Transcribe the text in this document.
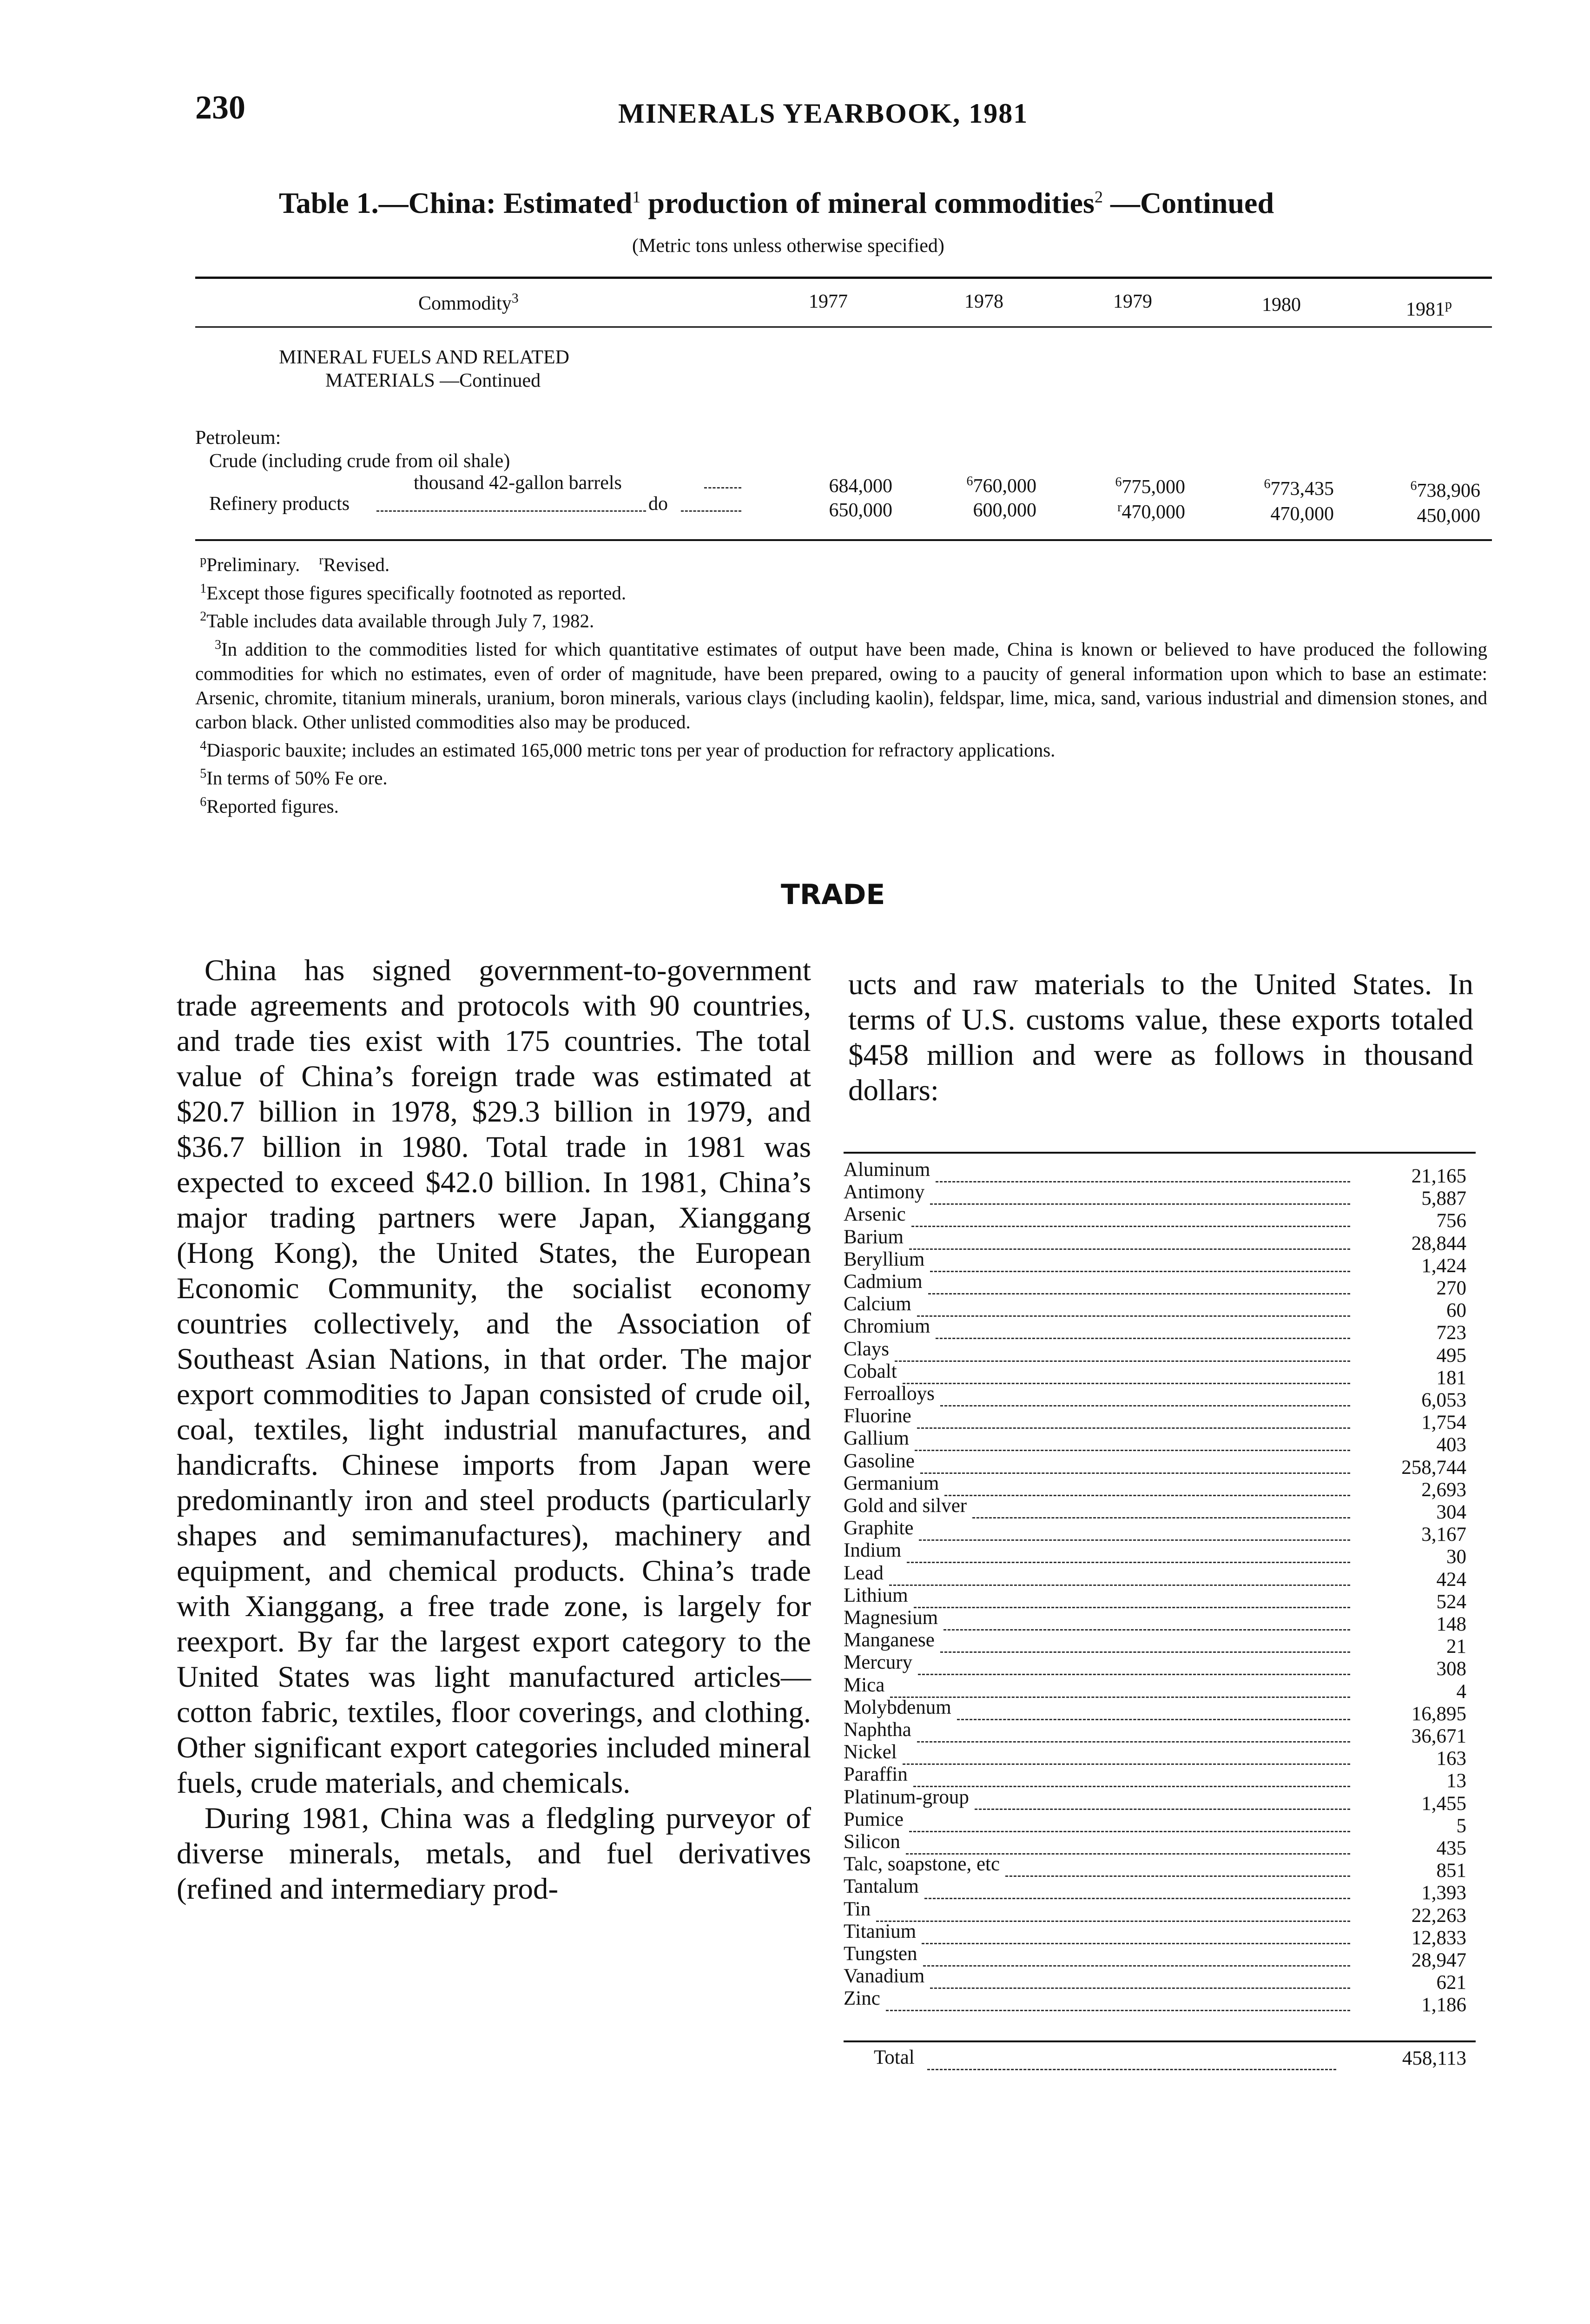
230	MINERALS YEARBOOK, 1981
Table 1.—China: Estimated$^1$ production of mineral commodities$^2$ —Continued
(Metric tons unless otherwise specified)
Commodity$^3$	1977	1978	1979	1980	1981$^p$
MINERAL FUELS AND RELATED
MATERIALS —Continued
Petroleum:
Crude (including crude from oil shale)
thousand 42-gallon barrels	684,000	$^6$760,000	$^6$775,000	$^6$773,435	$^6$738,906
Refinery products	do	650,000	600,000	$^r$470,000	470,000	450,000

$^p$Preliminary. $^r$Revised.

$^1$Except those figures specifically footnoted as reported.

$^2$Table includes data available through July 7, 1982.

$^3$In addition to the commodities listed for which quantitative estimates of output have been made, China is known or believed to have produced the following commodities for which no estimates, even of order of magnitude, have been prepared, owing to a paucity of general information upon which to base an estimate: Arsenic, chromite, titanium minerals, uranium, boron minerals, various clays (including kaolin), feldspar, lime, mica, sand, various industrial and dimension stones, and carbon black. Other unlisted commodities also may be produced.

$^4$Diasporic bauxite; includes an estimated 165,000 metric tons per year of production for refractory applications.

$^5$In terms of 50% Fe ore.

$^6$Reported figures.

TRADE

China has signed government-to-government trade agreements and protocols with 90 countries, and trade ties exist with 175 countries. The total value of China’s foreign trade was estimated at $20.7 billion in 1978, $29.3 billion in 1979, and $36.7 billion in 1980. Total trade in 1981 was expected to exceed $42.0 billion. In 1981, China’s major trading partners were Japan, Xianggang (Hong Kong), the United States, the European Economic Community, the socialist economy countries collectively, and the Association of Southeast Asian Nations, in that order. The major export commodities to Japan consisted of crude oil, coal, textiles, light industrial manufactures, and handicrafts. Chinese imports from Japan were predominantly iron and steel products (particularly shapes and semimanufactures), machinery and equipment, and chemical products. China’s trade with Xianggang, a free trade zone, is largely for reexport. By far the largest export category to the United States was light manufactured articles—cotton fabric, textiles, floor coverings, and clothing. Other significant export categories included mineral fuels, crude materials, and chemicals.

During 1981, China was a fledgling purveyor of diverse minerals, metals, and fuel derivatives (refined and intermediary prod-

ucts and raw materials to the United States. In terms of U.S. customs value, these exports totaled $458 million and were as follows in thousand dollars:

Aluminum	21,165
Antimony	5,887
Arsenic	756
Barium	28,844
Beryllium	1,424
Cadmium	270
Calcium	60
Chromium	723
Clays	495
Cobalt	181
Ferroalloys	6,053
Fluorine	1,754
Gallium	403
Gasoline	258,744
Germanium	2,693
Gold and silver	304
Graphite	3,167
Indium	30
Lead	424
Lithium	524
Magnesium	148
Manganese	21
Mercury	308
Mica	4
Molybdenum	16,895
Naphtha	36,671
Nickel	163
Paraffin	13
Platinum-group	1,455
Pumice	5
Silicon	435
Talc, soapstone, etc	851
Tantalum	1,393
Tin	22,263
Titanium	12,833
Tungsten	28,947
Vanadium	621
Zinc	1,186
Total	458,113
